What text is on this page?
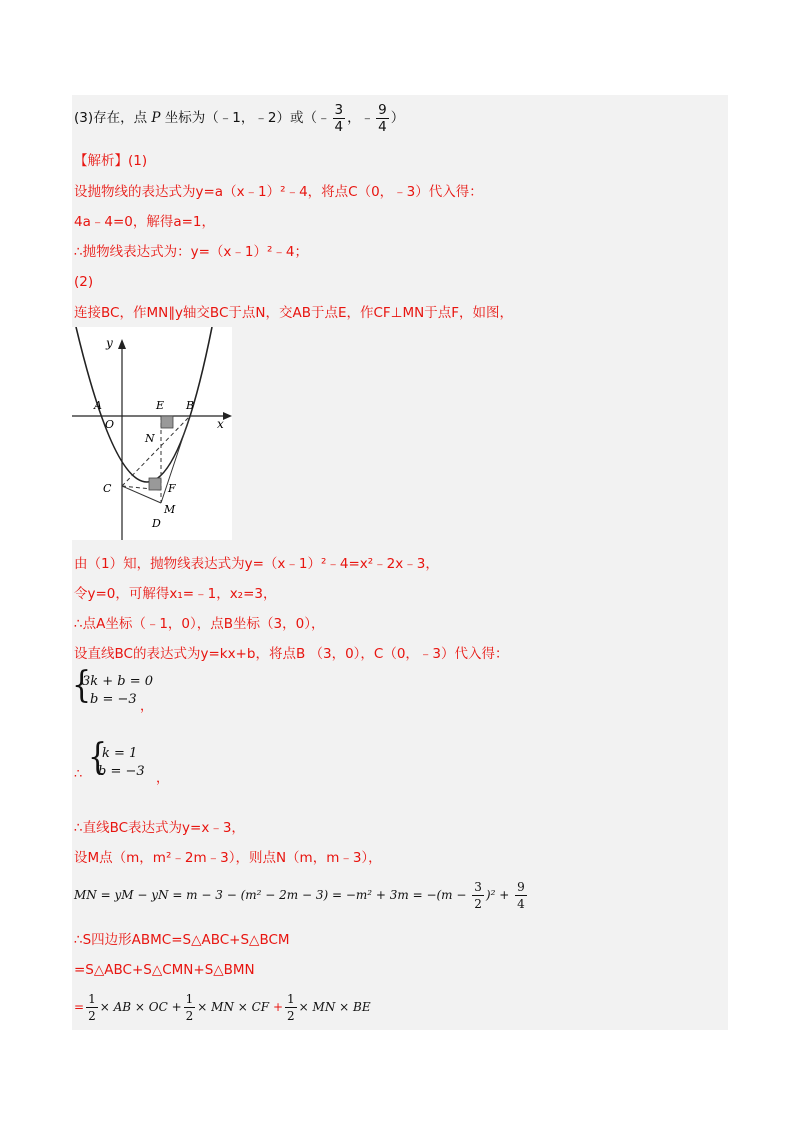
(3)存在，点 P 坐标为（﹣1，﹣2）或（﹣ $\frac{3}{4}$ ，﹣ $\frac{9}{4}$ ）
【解析】(1)
设抛物线的表达式为y=a（x﹣1）²﹣4，将点C（0，﹣3）代入得：
4a﹣4=0，解得a=1，
∴抛物线表达式为：y=（x﹣1）²﹣4；
(2)
连接BC，作MN∥y轴交BC于点N，交AB于点E，作CF⊥MN于点F，如图，
y
x
A
O
E B
N
C	F
M
D
由（1）知，抛物线表达式为y=（x﹣1）²﹣4=x²﹣2x﹣3，
令y=0，可解得x₁=﹣1，x₂=3，
∴点A坐标（﹣1，0），点B坐标（3，0），
设直线BC的表达式为y=kx+b，将点B （3，0），C（0，﹣3）代入得：
{
3k + b = 0
b = −3 ，
∴ {
k = 1
b = −3 ，
∴直线BC表达式为y=x﹣3，
设M点（m，m²﹣2m﹣3），则点N（m，m﹣3），
MN = yM − yN = $m - 3 - (m^2 - 2m - 3) = -m^2 + 3m = -(m - \frac{3}{2} )^2 + \frac{9}{4}$
∴S四边形ABMC=S△ABC+S△BCM
=S△ABC+S△CMN+S△BMN
= $\frac{1}{2}$ × AB × OC + $\frac{1}{2}$ × MN × CF + $\frac{1}{2}$ × MN × BE
